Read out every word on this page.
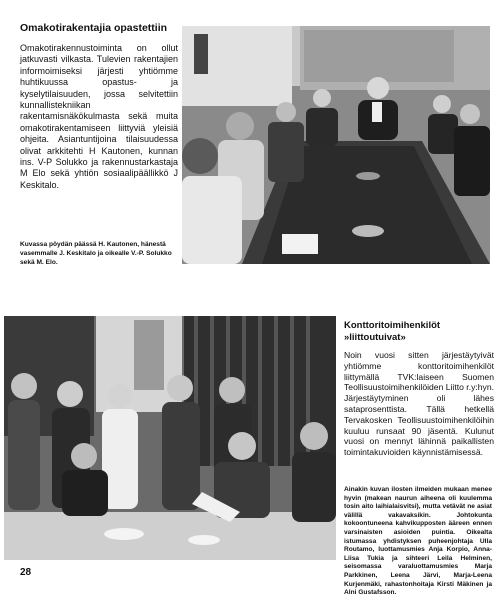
Omakotirakentajia opastettiin

Omakotirakennustoiminta on ollut jatkuvasti vilkasta. Tulevien rakentajien informoimiseksi järjesti yhtiömme huhtikuussa opastus- ja kyselytilaisuuden, jossa selvitettiin kunnallistekniikan rakentamisnäkökulmasta sekä muita omakotirakentamiseen liittyviä yleisiä ohjeita. Asiantuntijoina tilaisuudessa olivat arkkitehti H Kautonen, kunnan ins. V-P Solukko ja rakennustarkastaja M Elo sekä yhtiön sosiaalipäällikkö J Keskitalo.

Kuvassa pöydän päässä H. Kautonen, hänestä vasemmalle J. Keskitalo ja oikealle V.-P. Solukko sekä M. Elo.

Konttoritoimihenkilöt »liittoutuivat»

Noin vuosi sitten järjestäytyivät yhtiömme konttoritoimihenkilöt liittymällä TVK:laiseen Suomen Teollisuustoimihenkilöiden Liitto r.y:hyn. Järjestäytyminen oli lähes sataprosenttista. Tällä hetkellä Tervakosken Teollisuustoimihenkilöihin kuuluu runsaat 90 jäsentä. Kulunut vuosi on mennyt lähinnä paikallisten toimintakuvioiden käynnistämisessä.

Ainakin kuvan ilosten ilmeiden mukaan menee hyvin (makean naurun aiheena oli kuulemma tosin aito laihialaisvitsi), mutta vetävät ne asiat välillä vakavaksikin. Johtokunta kokoontuneena kahvikupposten ääreen ennen varsinaisten asioiden puintia. Oikealta istumassa yhdistyksen puheenjohtaja Ulla Routamo, luottamusmies Anja Korpio, Anna-Liisa Tukia ja sihteeri Leila Helminen, seisomassa varaluottamusmies Marja Parkkinen, Leena Järvi, Marja-Leena Kurjenmäki, rahastonhoitaja Kirsti Mäkinen ja Alni Gustafsson.

28
